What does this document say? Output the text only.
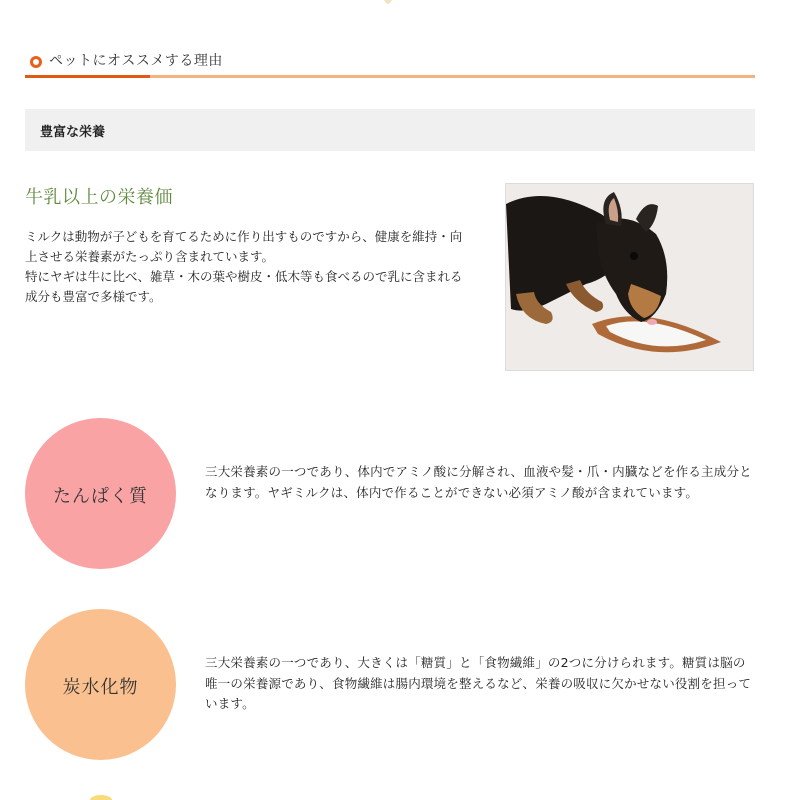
ペットにオススメする理由
豊富な栄養
牛乳以上の栄養価

ミルクは動物が子どもを育てるために作り出すものですから、健康を維持・向上させる栄養素がたっぷり含まれています。

特にヤギは牛に比べ、雑草・木の葉や樹皮・低木等も食べるので乳に含まれる成分も豊富で多様です。

たんぱく質
三大栄養素の一つであり、体内でアミノ酸に分解され、血液や髪・爪・内臓などを作る主成分となります。ヤギミルクは、体内で作ることができない必須アミノ酸が含まれています。
炭水化物
三大栄養素の一つであり、大きくは「糖質」と「食物繊維」の2つに分けられます。糖質は脳の唯一の栄養源であり、食物繊維は腸内環境を整えるなど、栄養の吸収に欠かせない役割を担っています。
